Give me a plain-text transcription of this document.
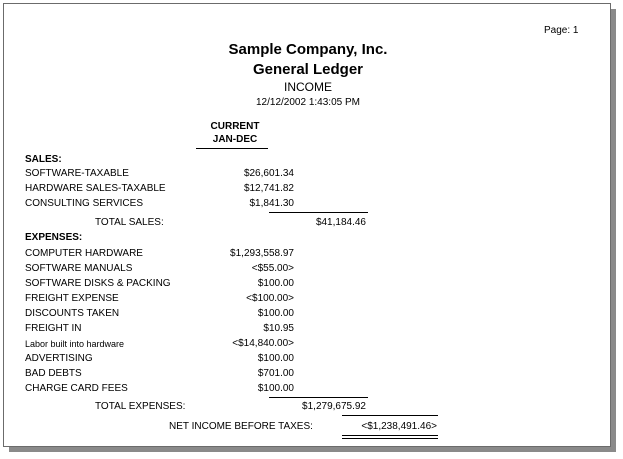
Page: 1
Sample Company, Inc.
General Ledger
INCOME
12/12/2002 1:43:05 PM
CURRENT
JAN-DEC
SALES:
SOFTWARE-TAXABLE	$26,601.34
HARDWARE SALES-TAXABLE	$12,741.82
CONSULTING SERVICES	$1,841.30
TOTAL SALES:	$41,184.46
EXPENSES:
COMPUTER HARDWARE	$1,293,558.97
SOFTWARE MANUALS	<$55.00>
SOFTWARE DISKS & PACKING	$100.00
FREIGHT EXPENSE	<$100.00>
DISCOUNTS TAKEN	$100.00
FREIGHT IN	$10.95
Labor built into hardware	<$14,840.00>
ADVERTISING	$100.00
BAD DEBTS	$701.00
CHARGE CARD FEES	$100.00
TOTAL EXPENSES:	$1,279,675.92
NET INCOME BEFORE TAXES:	<$1,238,491.46>
